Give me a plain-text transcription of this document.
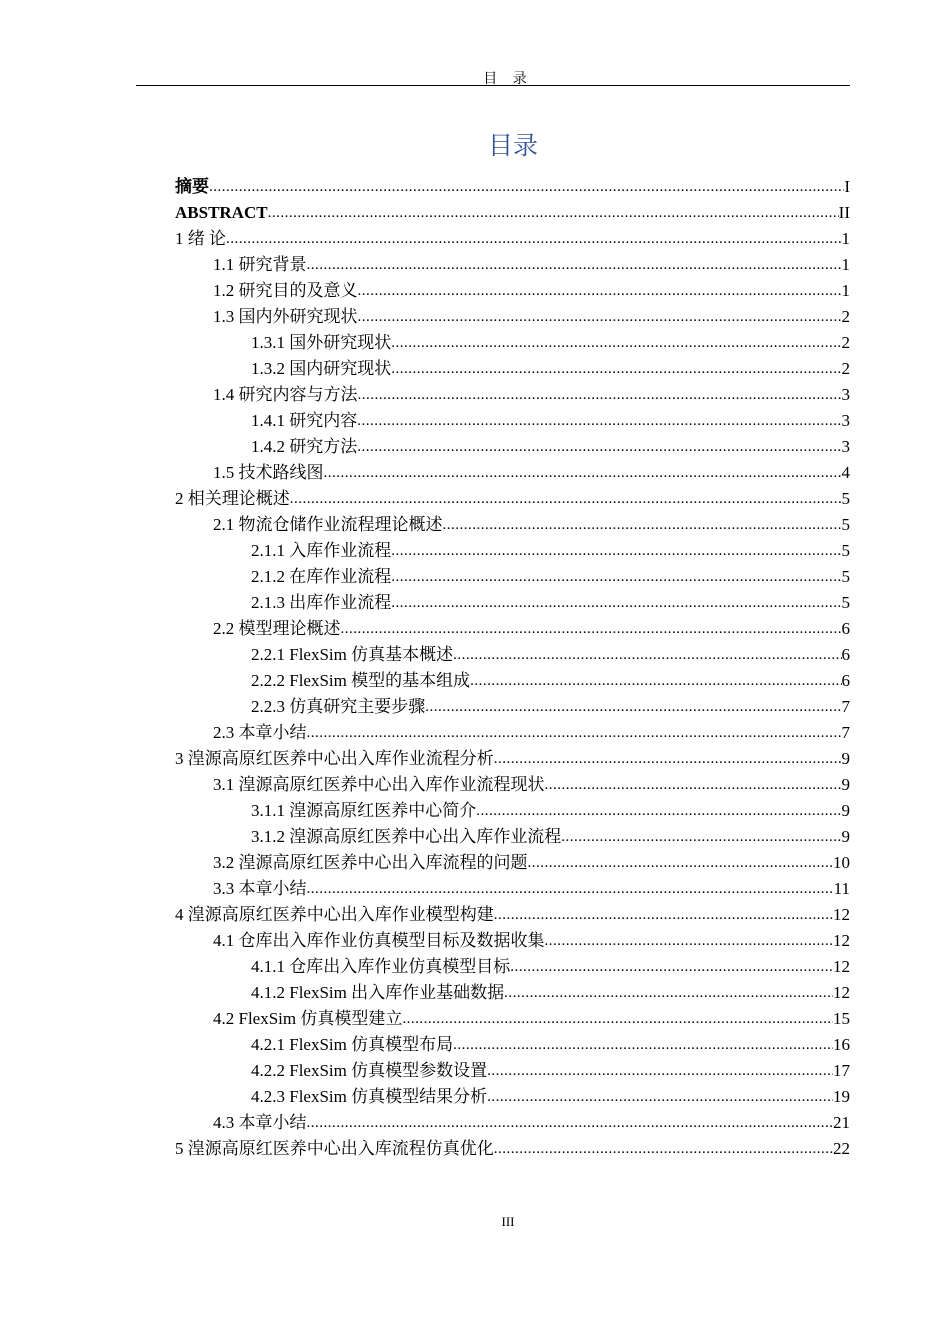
目 录
目录
摘要 .....	I
ABSTRACT .....	II
1 绪 论 .....	1
1.1 研究背景 .....	1
1.2 研究目的及意义 .....	1
1.3 国内外研究现状 .....	2
1.3.1 国外研究现状 .....	2
1.3.2 国内研究现状 .....	2
1.4 研究内容与方法 .....	3
1.4.1 研究内容 .....	3
1.4.2 研究方法 .....	3
1.5 技术路线图 .....	4
2 相关理论概述 .....	5
2.1 物流仓储作业流程理论概述 .....	5
2.1.1 入库作业流程 .....	5
2.1.2 在库作业流程 .....	5
2.1.3 出库作业流程 .....	5
2.2 模型理论概述 .....	6
2.2.1 FlexSim 仿真基本概述 .....	6
2.2.2 FlexSim 模型的基本组成 .....	6
2.2.3 仿真研究主要步骤 .....	7
2.3 本章小结 .....	7
3 湟源高原红医养中心出入库作业流程分析 .....	9
3.1 湟源高原红医养中心出入库作业流程现状 .....	9
3.1.1 湟源高原红医养中心简介 .....	9
3.1.2 湟源高原红医养中心出入库作业流程 .....	9
3.2 湟源高原红医养中心出入库流程的问题 .....	10
3.3 本章小结 .....	11
4 湟源高原红医养中心出入库作业模型构建 .....	12
4.1 仓库出入库作业仿真模型目标及数据收集 .....	12
4.1.1 仓库出入库作业仿真模型目标 .....	12
4.1.2 FlexSim 出入库作业基础数据 .....	12
4.2 FlexSim 仿真模型建立 .....	15
4.2.1 FlexSim 仿真模型布局 .....	16
4.2.2 FlexSim 仿真模型参数设置 .....	17
4.2.3 FlexSim 仿真模型结果分析 .....	19
4.3 本章小结 .....	21
5 湟源高原红医养中心出入库流程仿真优化 .....	22
III
